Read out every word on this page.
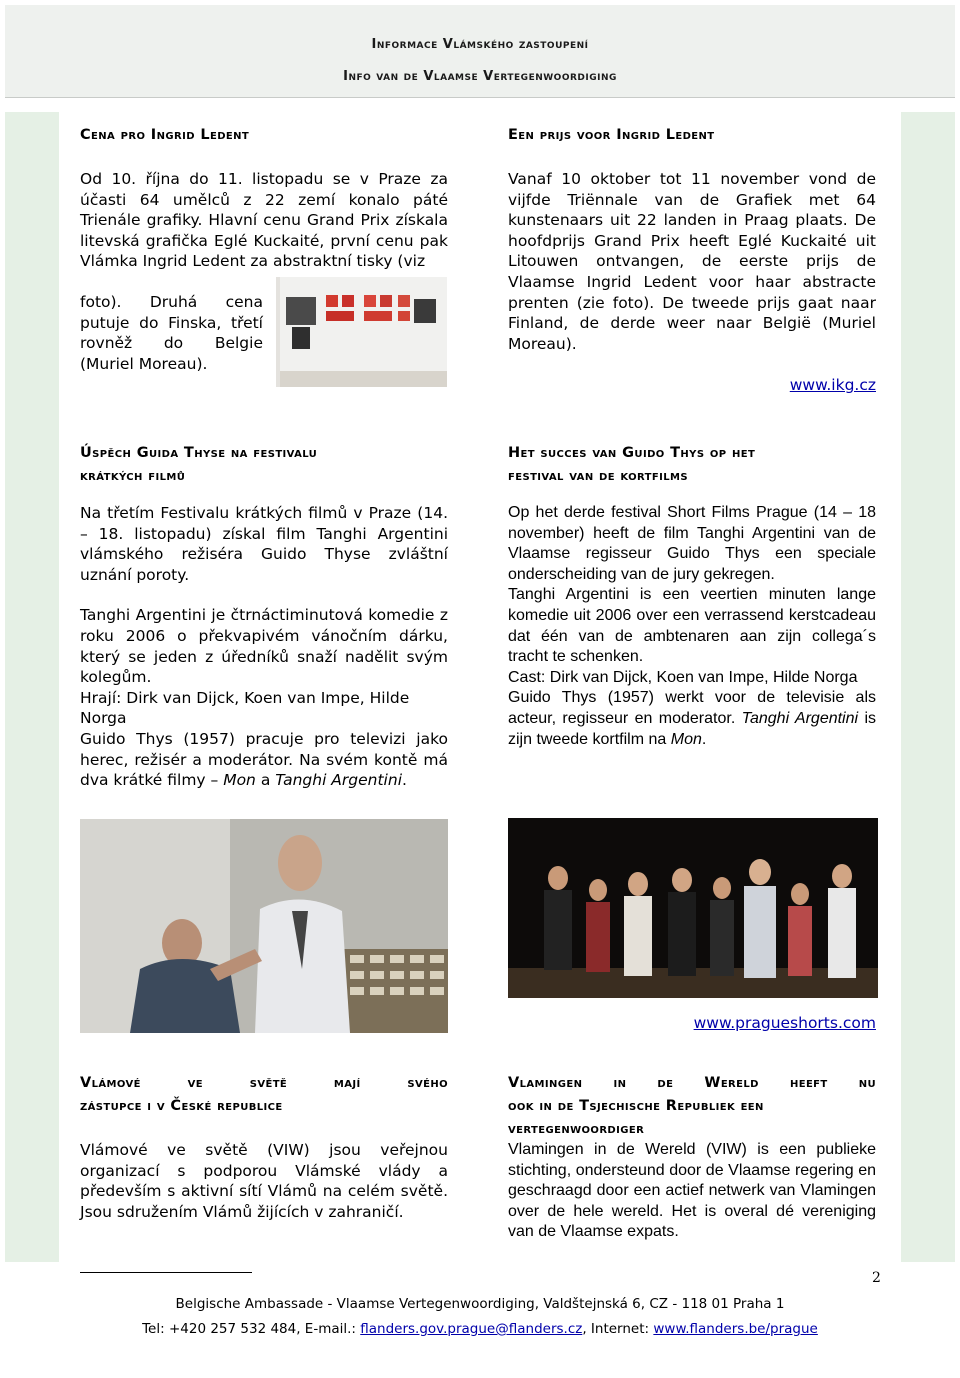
Informace Vlámského zastoupení
Info van de Vlaamse Vertegenwoordiging
Cena pro Ingrid Ledent

Od 10. října do 11. listopadu se v Praze za účasti 64 umělců z 22 zemí konalo páté Trienále grafiky. Hlavní cenu Grand Prix získala litevská grafička Eglé Kuckaité, první cenu pak Vlámka Ingrid Ledent za abstraktní tisky (viz

foto). Druhá cena putuje do Finska, třetí rovněž do Belgie (Muriel Moreau).
Een prijs voor Ingrid Ledent
Vanaf 10 oktober tot 11 november vond de vijfde Triënnale van de Grafiek met 64 kunstenaars uit 22 landen in Praag plaats. De hoofdprijs Grand Prix heeft Eglé Kuckaité uit Litouwen ontvangen, de eerste prijs de Vlaamse Ingrid Ledent voor haar abstracte prenten (zie foto). De tweede prijs gaat naar Finland, de derde weer naar België (Muriel Moreau).
www.ikg.cz
Úspěch Guida Thyse na festivalu
krátkých filmů

Na třetím Festivalu krátkých filmů v Praze (14. – 18. listopadu) získal film Tanghi Argentini vlámského režiséra Guido Thyse zvláštní uznání poroty.

Tanghi Argentini je čtrnáctiminutová komedie z roku 2006 o překvapivém vánočním dárku, který se jeden z úředníků snaží nadělit svým kolegům.

Hrají: Dirk van Dijck, Koen van Impe, Hilde Norga

Guido Thys (1957) pracuje pro televizi jako herec, režisér a moderátor. Na svém kontě má dva krátké filmy – Mon a Tanghi Argentini.

Het succes van Guido Thys op het
festival van de kortfilms

Op het derde festival Short Films Prague (14 – 18 november) heeft de film Tanghi Argentini van de Vlaamse regisseur Guido Thys een speciale onderscheiding van de jury gekregen.

Tanghi Argentini is een veertien minuten lange komedie uit 2006 over een verrassend kerstcadeau dat één van de ambtenaren aan zijn collega´s tracht te schenken.

Cast: Dirk van Dijck, Koen van Impe, Hilde Norga

Guido Thys (1957) werkt voor de televisie als acteur, regisseur en moderator. Tanghi Argentini is zijn tweede kortfilm na Mon.

www.pragueshorts.com
Vlámové ve světě mají svého
zástupce i v České republice
Vlámové ve světě (VIW) jsou veřejnou organizací s podporou Vlámské vlády a především s aktivní sítí Vlámů na celém světě. Jsou sdružením Vlámů žijících v zahraničí.
Vlamingen in de Wereld heeft nu
ook in de Tsjechische Republiek een
vertegenwoordiger
Vlamingen in de Wereld (VIW) is een publieke stichting, ondersteund door de Vlaamse regering en geschraagd door een actief netwerk van Vlamingen over de hele wereld. Het is overal dé vereniging van de Vlaamse expats.
2
Belgische Ambassade - Vlaamse Vertegenwoordiging, Valdštejnská 6, CZ - 118 01 Praha 1
Tel: +420 257 532 484, E-mail.: flanders.gov.prague@flanders.cz, Internet: www.flanders.be/prague
